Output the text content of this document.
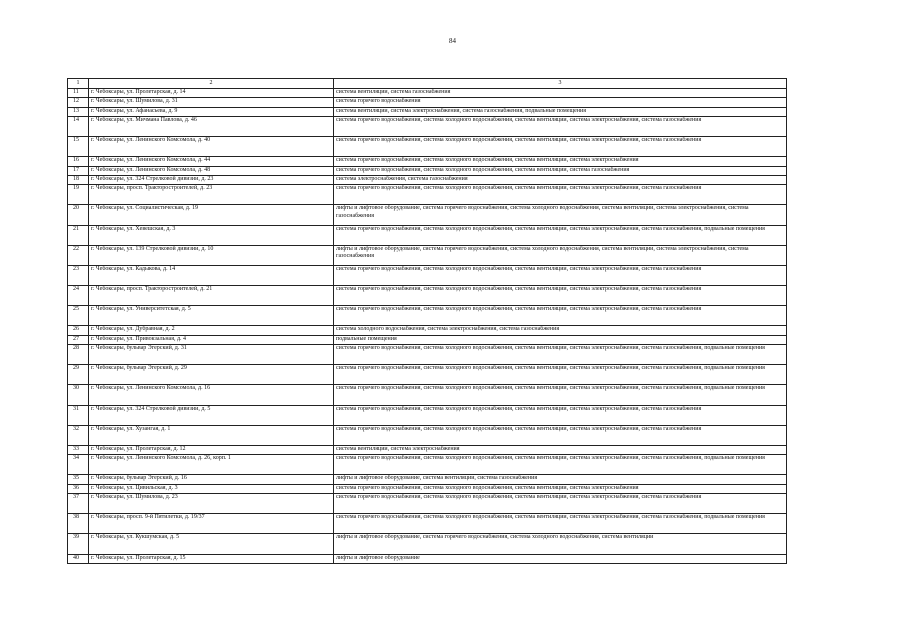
84
1	2	3
11	г. Чебоксары, ул. Пролетарская, д. 14	система вентиляции, система газоснабжения
12	г. Чебоксары, ул. Шумилова, д. 31	система горячего водоснабжения
13	г. Чебоксары, ул. Афанасьева, д. 9	система вентиляции, система электроснабжения, система газоснабжения, подвальные помещения
14	г. Чебоксары, ул. Мичмана Павлова, д. 46	система горячего водоснабжения, система холодного водоснабжения, система вентиляции, система электроснабжения, система газоснабжения
15	г. Чебоксары, ул. Ленинского Комсомола, д. 40	система горячего водоснабжения, система холодного водоснабжения, система вентиляции, система электроснабжения, система газоснабжения
16	г. Чебоксары, ул. Ленинского Комсомола, д. 44	система горячего водоснабжения, система холодного водоснабжения, система вентиляции, система электроснабжения
17	г. Чебоксары, ул. Ленинского Комсомола, д. 48	система горячего водоснабжения, система холодного водоснабжения, система вентиляции, система газоснабжения
18	г. Чебоксары, ул. 324 Стрелковой дивизии, д. 23	система электроснабжения, система газоснабжения
19	г. Чебоксары, просп. Тракторостроителей, д. 23	система горячего водоснабжения, система холодного водоснабжения, система вентиляции, система электроснабжения, система газоснабжения
20	г. Чебоксары, ул. Социалистическая, д. 19	лифты и лифтовое оборудование, система горячего водоснабжения, система холодного водоснабжения, система вентиляции, система электроснабжения, система газоснабжения
21	г. Чебоксары, ул. Хевешская, д. 3	система горячего водоснабжения, система холодного водоснабжения, система вентиляции, система электроснабжения, система газоснабжения, подвальные помещения
22	г. Чебоксары, ул. 139 Стрелковой дивизии, д. 10	лифты и лифтовое оборудование, система горячего водоснабжения, система холодного водоснабжения, система вентиляции, система электроснабжения, система газоснабжения
23	г. Чебоксары, ул. Кадыкова, д. 14	система горячего водоснабжения, система холодного водоснабжения, система вентиляции, система электроснабжения, система газоснабжения
24	г. Чебоксары, просп. Тракторостроителей, д. 21	система горячего водоснабжения, система холодного водоснабжения, система вентиляции, система электроснабжения, система газоснабжения
25	г. Чебоксары, ул. Университетская, д. 5	система горячего водоснабжения, система холодного водоснабжения, система вентиляции, система электроснабжения, система газоснабжения
26	г. Чебоксары, ул. Дубравная, д. 2	система холодного водоснабжения, система электроснабжения, система газоснабжения
27	г. Чебоксары, ул. Привокзальная, д. 4	подвальные помещения
28	г. Чебоксары, бульвар Эгерский, д. 31	система горячего водоснабжения, система холодного водоснабжения, система вентиляции, система электроснабжения, система газоснабжения, подвальные помещения
29	г. Чебоксары, бульвар Эгерский, д. 29	система горячего водоснабжения, система холодного водоснабжения, система вентиляции, система электроснабжения, система газоснабжения, подвальные помещения
30	г. Чебоксары, ул. Ленинского Комсомола, д. 16	система горячего водоснабжения, система холодного водоснабжения, система вентиляции, система электроснабжения, система газоснабжения, подвальные помещения
31	г. Чебоксары, ул. 324 Стрелковой дивизии, д. 5	система горячего водоснабжения, система холодного водоснабжения, система вентиляции, система электроснабжения, система газоснабжения
32	г. Чебоксары, ул. Хузангая, д. 1	система горячего водоснабжения, система холодного водоснабжения, система вентиляции, система электроснабжения, система газоснабжения
33	г. Чебоксары, ул. Пролетарская, д. 12	система вентиляции, система электроснабжения
34	г. Чебоксары, ул. Ленинского Комсомола, д. 26, корп. 1	система горячего водоснабжения, система холодного водоснабжения, система вентиляции, система электроснабжения, система газоснабжения, подвальные помещения
35	г. Чебоксары, бульвар Эгерский, д. 16	лифты и лифтовое оборудование, система вентиляции, система газоснабжения
36	г. Чебоксары, ул. Цивильская, д. 3	система горячего водоснабжения, система холодного водоснабжения, система вентиляции, система электроснабжения
37	г. Чебоксары, ул. Шумилова, д. 23	система горячего водоснабжения, система холодного водоснабжения, система вентиляции, система электроснабжения, система газоснабжения
38	г. Чебоксары, просп. 9-й Пятилетки, д. 19/37	система горячего водоснабжения, система холодного водоснабжения, система вентиляции, система электроснабжения, система газоснабжения, подвальные помещения
39	г. Чебоксары, ул. Кукшумская, д. 5	лифты и лифтовое оборудование, система горячего водоснабжения, система холодного водоснабжения, система вентиляции
40	г. Чебоксары, ул. Пролетарская, д. 15	лифты и лифтовое оборудование
